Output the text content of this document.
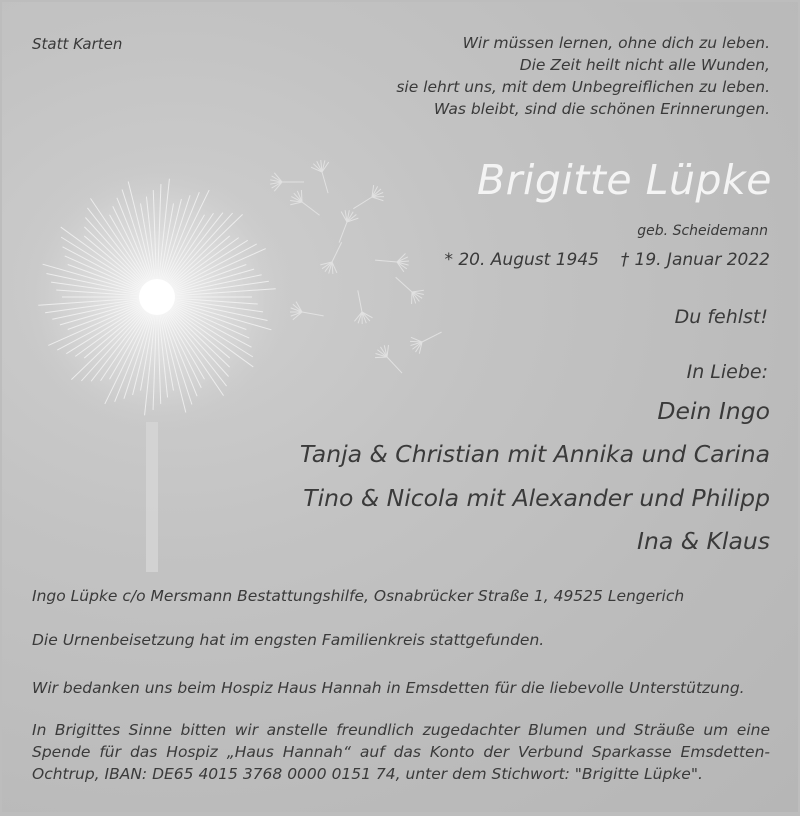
Statt Karten	Wir müssen lernen, ohne dich zu leben.
Die Zeit heilt nicht alle Wunden,
sie lehrt uns, mit dem Unbegreiflichen zu leben.
Was bleibt, sind die schönen Erinnerungen.
Brigitte Lüpke
geb. Scheidemann
* 20. August 1945 † 19. Januar 2022
Du fehlst!
In Liebe:
Dein Ingo
Tanja & Christian mit Annika und Carina
Tino & Nicola mit Alexander und Philipp
Ina & Klaus
Ingo Lüpke c/o Mersmann Bestattungshilfe, Osnabrücker Straße 1, 49525 Lengerich
Die Urnenbeisetzung hat im engsten Familienkreis stattgefunden.
Wir bedanken uns beim Hospiz Haus Hannah in Emsdetten für die liebevolle Unterstützung.
In Brigittes Sinne bitten wir anstelle freundlich zugedachter Blumen und Sträuße um eine Spende für das Hospiz „Haus Hannah“ auf das Konto der Verbund Sparkasse Emsdetten-Ochtrup, IBAN: DE65 4015 3768 0000 0151 74, unter dem Stichwort: "Brigitte Lüpke".
